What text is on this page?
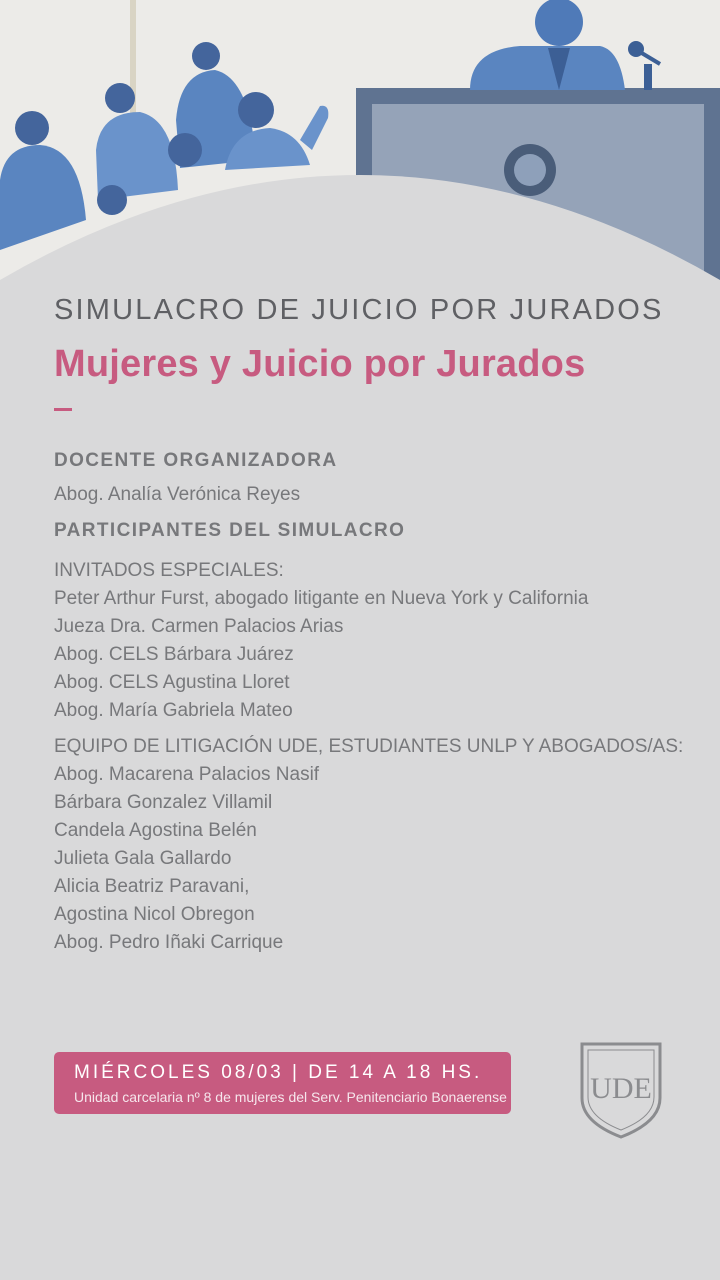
SIMULACRO DE JUICIO POR JURADOS
Mujeres y Juicio por Jurados

DOCENTE ORGANIZADORA

Abog. Analía Verónica Reyes

PARTICIPANTES DEL SIMULACRO

INVITADOS ESPECIALES:

Peter Arthur Furst, abogado litigante en Nueva York y California

Jueza Dra. Carmen Palacios Arias

Abog. CELS Bárbara Juárez

Abog. CELS Agustina Lloret

Abog. María Gabriela Mateo

EQUIPO DE LITIGACIÓN UDE, ESTUDIANTES UNLP Y ABOGADOS/AS:

Abog. Macarena Palacios Nasif

Bárbara Gonzalez Villamil

Candela Agostina Belén

Julieta Gala Gallardo

Alicia Beatriz Paravani,

Agostina Nicol Obregon

Abog. Pedro Iñaki Carrique

MIÉRCOLES 08/03 | DE 14 A 18 HS.
Unidad carcelaria nº 8 de mujeres del Serv. Penitenciario Bonaerense	UDE
